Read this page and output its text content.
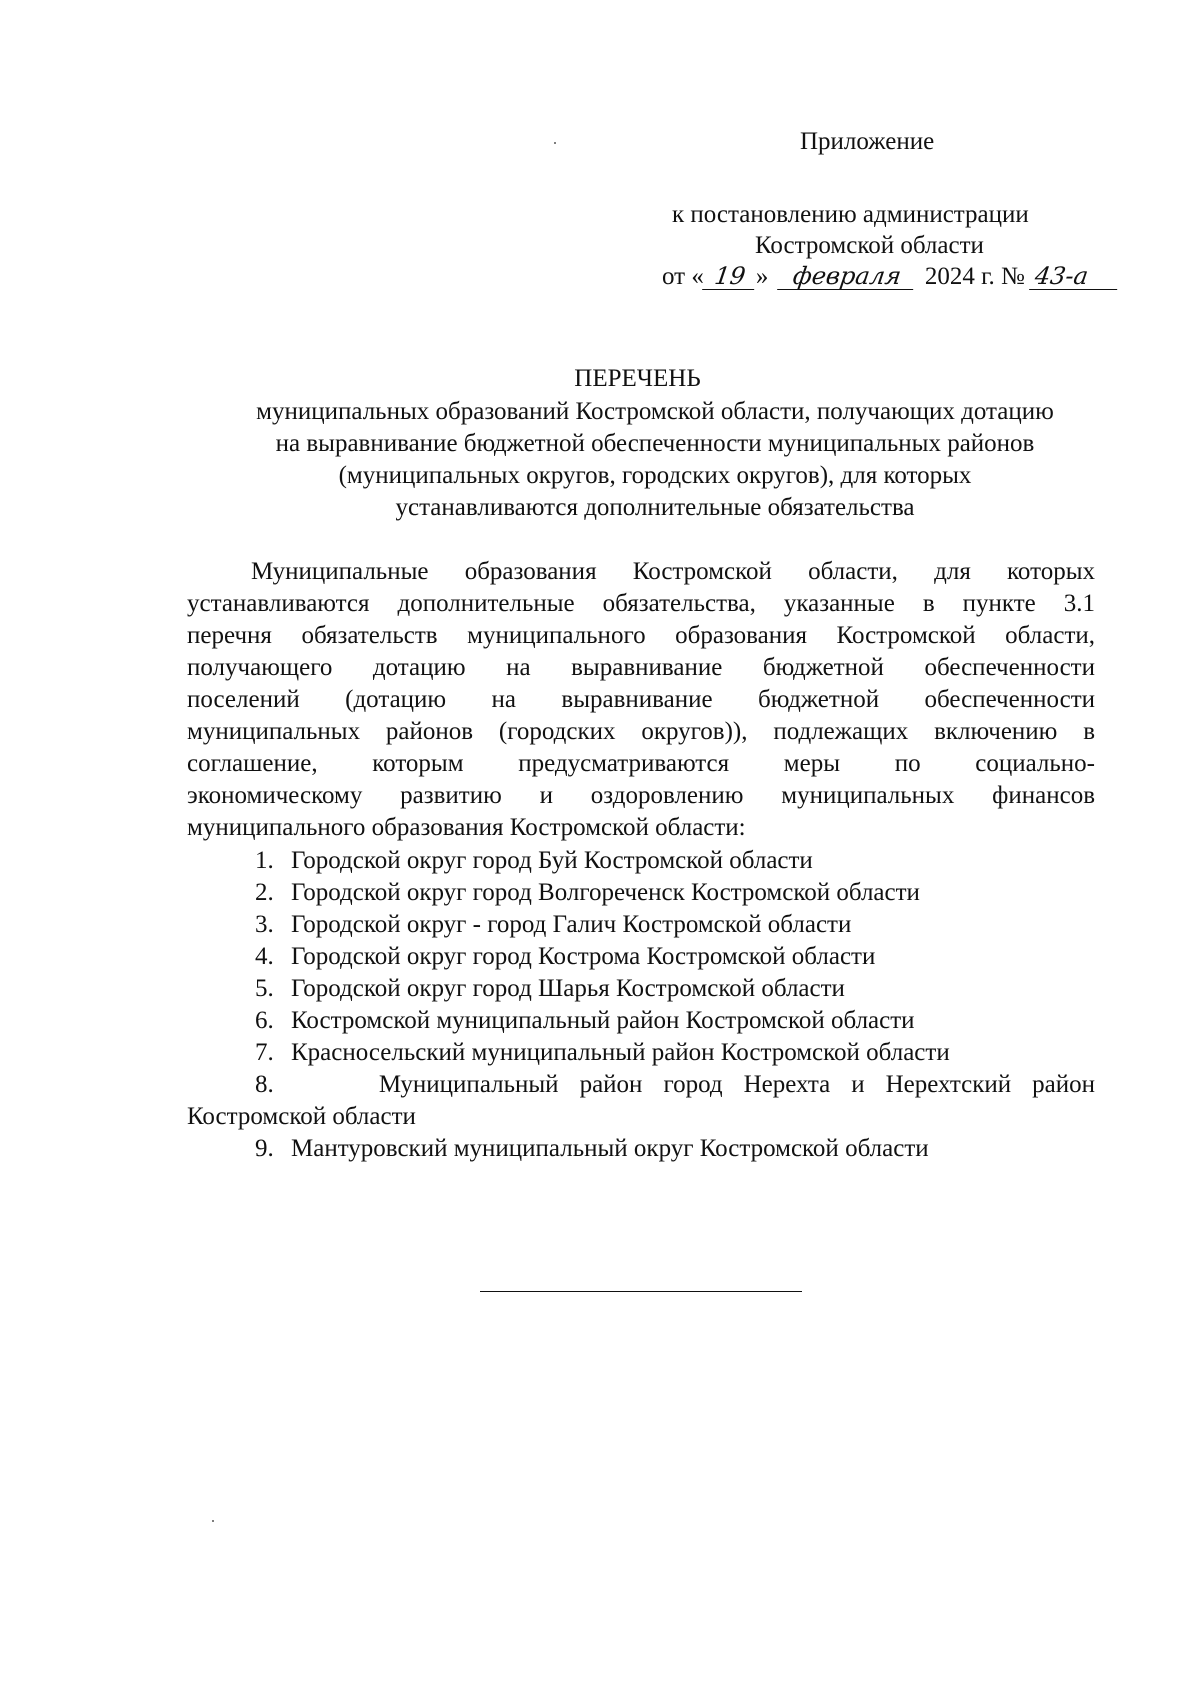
Приложение
к постановлению администрации
Костромской области
от « 19 » февраля 2024 г. № 43-а
ПЕРЕЧЕНЬ
муниципальных образований Костромской области, получающих дотацию
на выравнивание бюджетной обеспеченности муниципальных районов
(муниципальных округов, городских округов), для которых
устанавливаются дополнительные обязательства
Муниципальные образования Костромской области, для которых
устанавливаются дополнительные обязательства, указанные в пункте 3.1
перечня обязательств муниципального образования Костромской области,
получающего дотацию на выравнивание бюджетной обеспеченности
поселений (дотацию на выравнивание бюджетной обеспеченности
муниципальных районов (городских округов)), подлежащих включению в
соглашение, которым предусматриваются меры по социально-
экономическому развитию и оздоровлению муниципальных финансов
муниципального образования Костромской области:
1. Городской округ город Буй Костромской области
2. Городской округ город Волгореченск Костромской области
3. Городской округ - город Галич Костромской области
4. Городской округ город Кострома Костромской области
5. Городской округ город Шарья Костромской области
6. Костромской муниципальный район Костромской области
7. Красносельский муниципальный район Костромской области
8.	Муниципальный район город Нерехта и Нерехтский район
Костромской области
9. Мантуровский муниципальный округ Костромской области
